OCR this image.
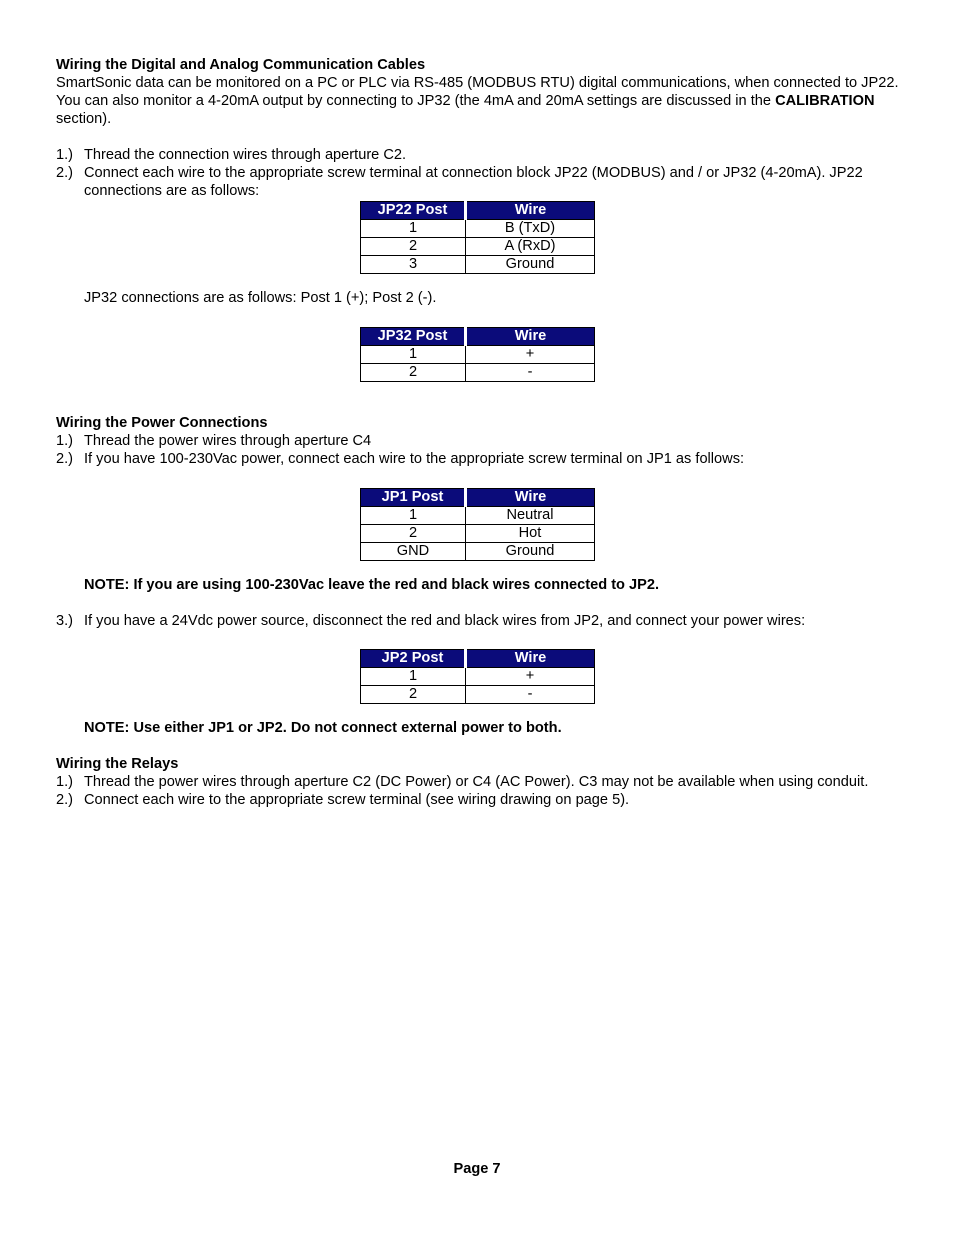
Wiring the Digital and Analog Communication Cables

SmartSonic data can be monitored on a PC or PLC via RS-485 (MODBUS RTU) digital communications, when connected to JP22. You can also monitor a 4-20mA output by connecting to JP32 (the 4mA and 20mA settings are discussed in the CALIBRATION section).

1.) Thread the connection wires through aperture C2.

2.) Connect each wire to the appropriate screw terminal at connection block JP22 (MODBUS) and / or JP32 (4-20mA). JP22 connections are as follows:

JP22 Post	Wire
1	B (TxD)
2	A (RxD)
3	Ground

JP32 connections are as follows: Post 1 (+); Post 2 (-).

JP32 Post	Wire
1	+
2	-

Wiring the Power Connections

1.) Thread the power wires through aperture C4

2.) If you have 100-230Vac power, connect each wire to the appropriate screw terminal on JP1 as follows:

JP1 Post	Wire
1	Neutral
2	Hot
GND	Ground

NOTE: If you are using 100-230Vac leave the red and black wires connected to JP2.

3.) If you have a 24Vdc power source, disconnect the red and black wires from JP2, and connect your power wires:

JP2 Post	Wire
1	+
2	-

NOTE: Use either JP1 or JP2. Do not connect external power to both.

Wiring the Relays

1.) Thread the power wires through aperture C2 (DC Power) or C4 (AC Power). C3 may not be available when using conduit.

2.) Connect each wire to the appropriate screw terminal (see wiring drawing on page 5).

Page 7
